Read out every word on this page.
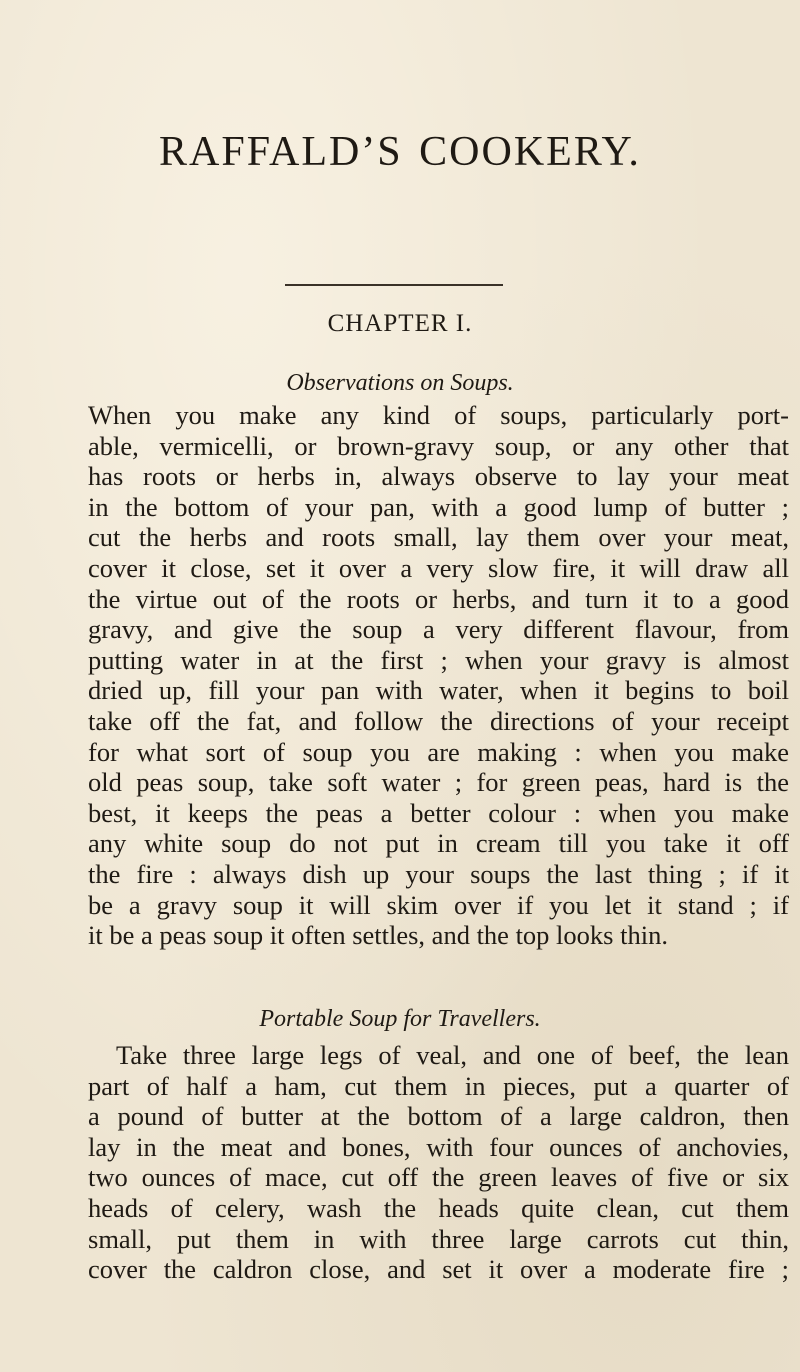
RAFFALD’S COOKERY.
CHAPTER I.
Observations on Soups.
When you make any kind of soups, particularly port-
able, vermicelli, or brown-gravy soup, or any other that
has roots or herbs in, always observe to lay your meat
in the bottom of your pan, with a good lump of butter ;
cut the herbs and roots small, lay them over your meat,
cover it close, set it over a very slow fire, it will draw all
the virtue out of the roots or herbs, and turn it to a good
gravy, and give the soup a very different flavour, from
putting water in at the first ; when your gravy is almost
dried up, fill your pan with water, when it begins to boil
take off the fat, and follow the directions of your receipt
for what sort of soup you are making : when you make
old peas soup, take soft water ; for green peas, hard is the
best, it keeps the peas a better colour : when you make
any white soup do not put in cream till you take it off
the fire : always dish up your soups the last thing ; if it
be a gravy soup it will skim over if you let it stand ; if
it be a peas soup it often settles, and the top looks thin.
Portable Soup for Travellers.
Take three large legs of veal, and one of beef, the lean
part of half a ham, cut them in pieces, put a quarter of
a pound of butter at the bottom of a large caldron, then
lay in the meat and bones, with four ounces of anchovies,
two ounces of mace, cut off the green leaves of five or six
heads of celery, wash the heads quite clean, cut them
small, put them in with three large carrots cut thin,
cover the caldron close, and set it over a moderate fire ;
